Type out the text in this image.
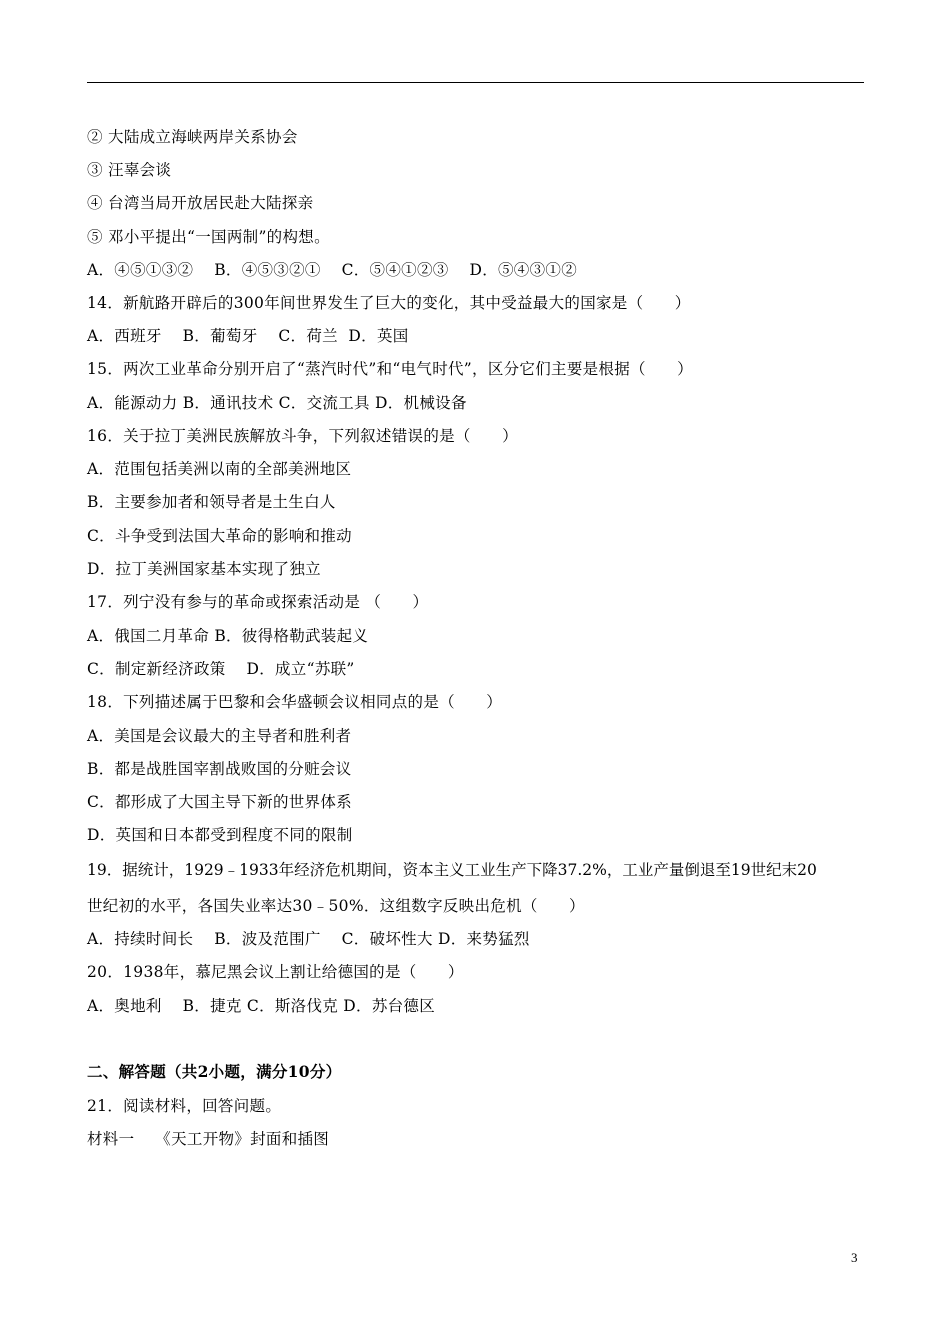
② 大陆成立海峡两岸关系协会
③ 汪辜会谈
④ 台湾当局开放居民赴大陆探亲
⑤ 邓小平提出“一国两制”的构想。
A．④⑤①③②    B．④⑤③②①    C．⑤④①②③    D．⑤④③①②
14．新航路开辟后的300年间世界发生了巨大的变化，其中受益最大的国家是（      ）
A．西班牙    B．葡萄牙    C．荷兰  D．英国
15．两次工业革命分别开启了“蒸汽时代”和“电气时代”，区分它们主要是根据（      ）
A．能源动力 B．通讯技术 C．交流工具 D．机械设备
16．关于拉丁美洲民族解放斗争，下列叙述错误的是（      ）
A．范围包括美洲以南的全部美洲地区
B．主要参加者和领导者是土生白人
C．斗争受到法国大革命的影响和推动
D．拉丁美洲国家基本实现了独立
17．列宁没有参与的革命或探索活动是 （      ）
A．俄国二月革命 B．彼得格勒武装起义
C．制定新经济政策    D．成立“苏联”
18．下列描述属于巴黎和会华盛顿会议相同点的是（      ）
A．美国是会议最大的主导者和胜利者
B．都是战胜国宰割战败国的分赃会议
C．都形成了大国主导下新的世界体系
D．英国和日本都受到程度不同的限制
19．据统计，1929﹣1933年经济危机期间，资本主义工业生产下降37.2%，工业产量倒退至19世纪末20
世纪初的水平，各国失业率达30﹣50%．这组数字反映出危机（      ）
A．持续时间长    B．波及范围广    C．破坏性大 D．来势猛烈
20．1938年，慕尼黑会议上割让给德国的是（      ）
A．奥地利    B．捷克 C．斯洛伐克 D．苏台德区
二、解答题（共2小题，满分10分）
21．阅读材料，回答问题。
材料一    《天工开物》封面和插图
3
